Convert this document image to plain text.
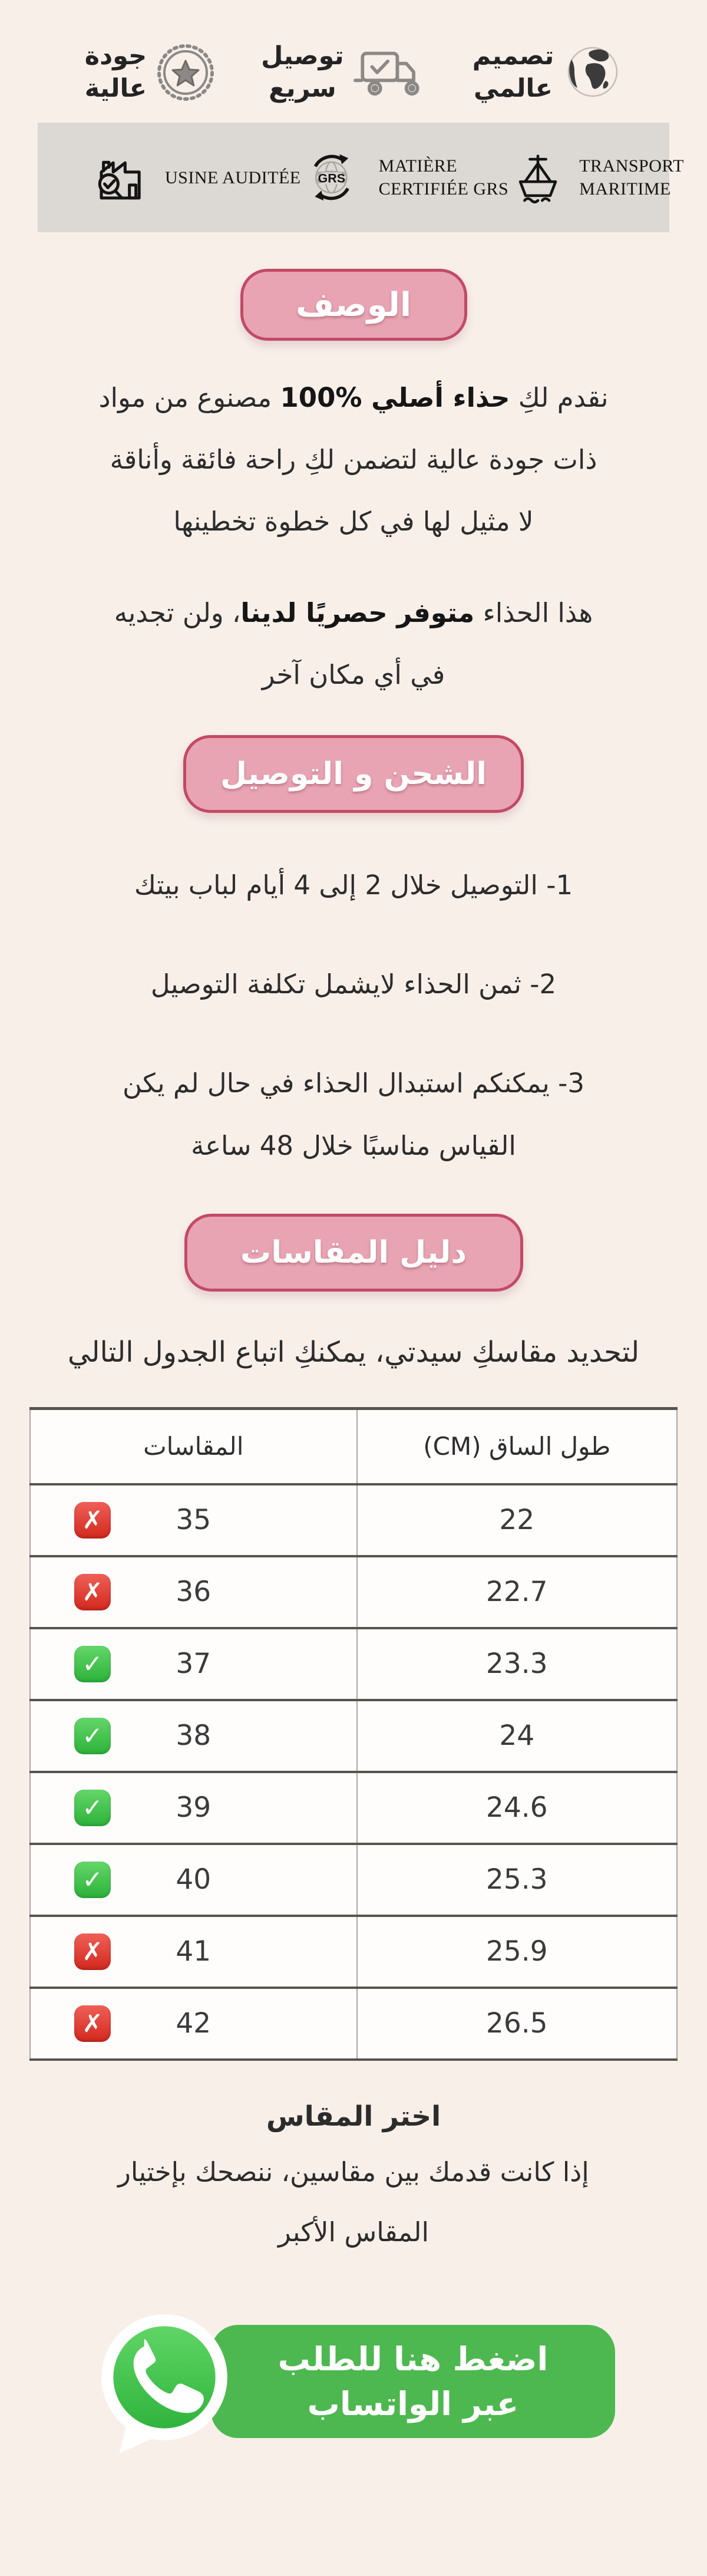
تصميم
عالمي
توصيل
سريع
جودة
عالية
USINE AUDITÉE GRS
MATIÈRE
CERTIFIÉE GRS
TRANSPORT
MARITIME
الوصف
نقدم لكِ حذاء أصلي %100 مصنوع من مواد
ذات جودة عالية لتضمن لكِ راحة فائقة وأناقة
لا مثيل لها في كل خطوة تخطينها
هذا الحذاء متوفر حصريًا لدينا، ولن تجديه
في أي مكان آخر
الشحن و التوصيل
1- التوصيل خلال 2 إلى 4 أيام لباب بيتك
2- ثمن الحذاء لايشمل تكلفة التوصيل
3- يمكنكم استبدال الحذاء في حال لم يكن القياس مناسبًا خلال 48 ساعة
دليل المقاسات
لتحديد مقاسكِ سيدتي، يمكنكِ اتباع الجدول التالي
طول الساق (CM)	المقاسات
22	35
✗

22.7	36
✗

23.3	37
✓

24	38
✓

24.6	39
✓

25.3	40
✓

25.9	41
✗

26.5	42
✗
اختر المقاس
إذا كانت قدمك بين مقاسين، ننصحك بإختيار
المقاس الأكبر
اضغط هنا للطلب
عبر الواتساب
